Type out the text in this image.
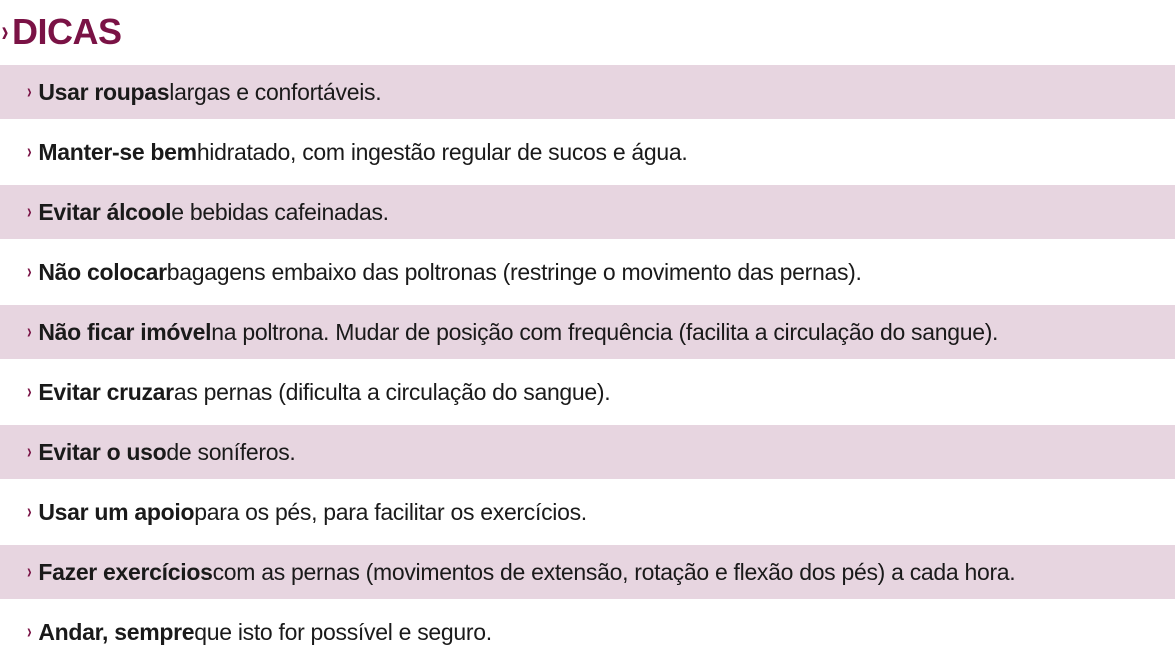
› DICAS
› Usar roupas largas e confortáveis.
› Manter-se bem hidratado, com ingestão regular de sucos e água.
› Evitar álcool e bebidas cafeinadas.
› Não colocar bagagens embaixo das poltronas (restringe o movimento das pernas).
› Não ficar imóvel na poltrona. Mudar de posição com frequência (facilita a circulação do sangue).
› Evitar cruzar as pernas (dificulta a circulação do sangue).
› Evitar o uso de soníferos.
› Usar um apoio para os pés, para facilitar os exercícios.
› Fazer exercícios com as pernas (movimentos de extensão, rotação e flexão dos pés) a cada hora.
› Andar, sempre que isto for possível e seguro.
